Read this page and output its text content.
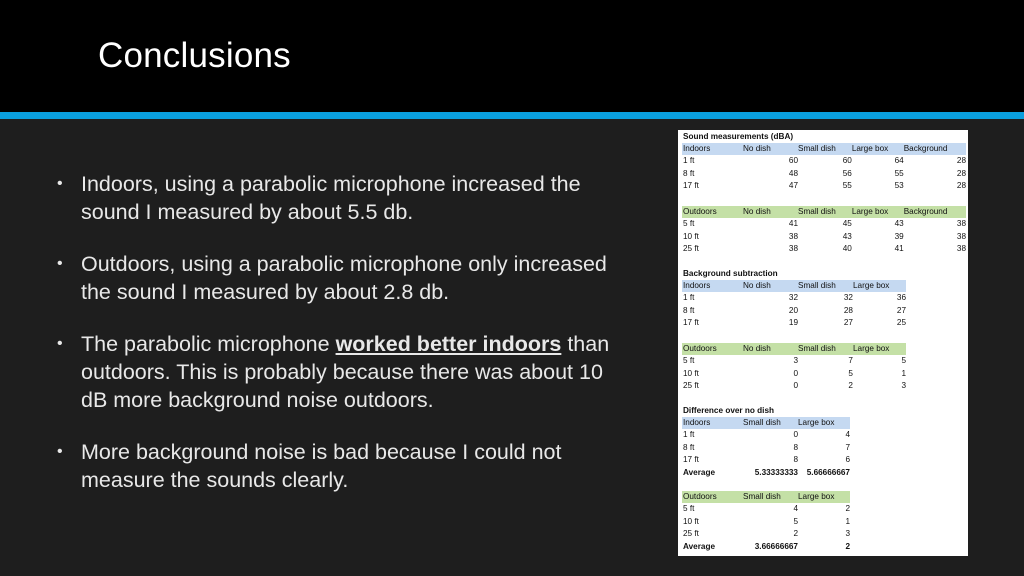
Conclusions
• Indoors, using a parabolic microphone increased the sound I measured by about 5.5 db.
• Outdoors, using a parabolic microphone only increased the sound I measured by about 2.8 db.
• The parabolic microphone worked better indoors than outdoors. This is probably because there was about 10 dB more background noise outdoors.
• More background noise is bad because I could not measure the sounds clearly.
Sound measurements (dBA)
Indoors	No dish	Small dish	Large box	Background
1 ft	60	60	64	28
8 ft	48	56	55	28
17 ft	47	55	53	28
Outdoors	No dish	Small dish	Large box	Background
5 ft	41	45	43	38
10 ft	38	43	39	38
25 ft	38	40	41	38
Background subtraction
Indoors	No dish	Small dish	Large box
1 ft	32	32	36
8 ft	20	28	27
17 ft	19	27	25
Outdoors	No dish	Small dish	Large box
5 ft	3	7	5
10 ft	0	5	1
25 ft	0	2	3
Difference over no dish
Indoors	Small dish	Large box
1 ft	0	4
8 ft	8	7
17 ft	8	6
Average	5.33333333	5.66666667
Outdoors	Small dish	Large box
5 ft	4	2
10 ft	5	1
25 ft	2	3
Average	3.66666667	2
